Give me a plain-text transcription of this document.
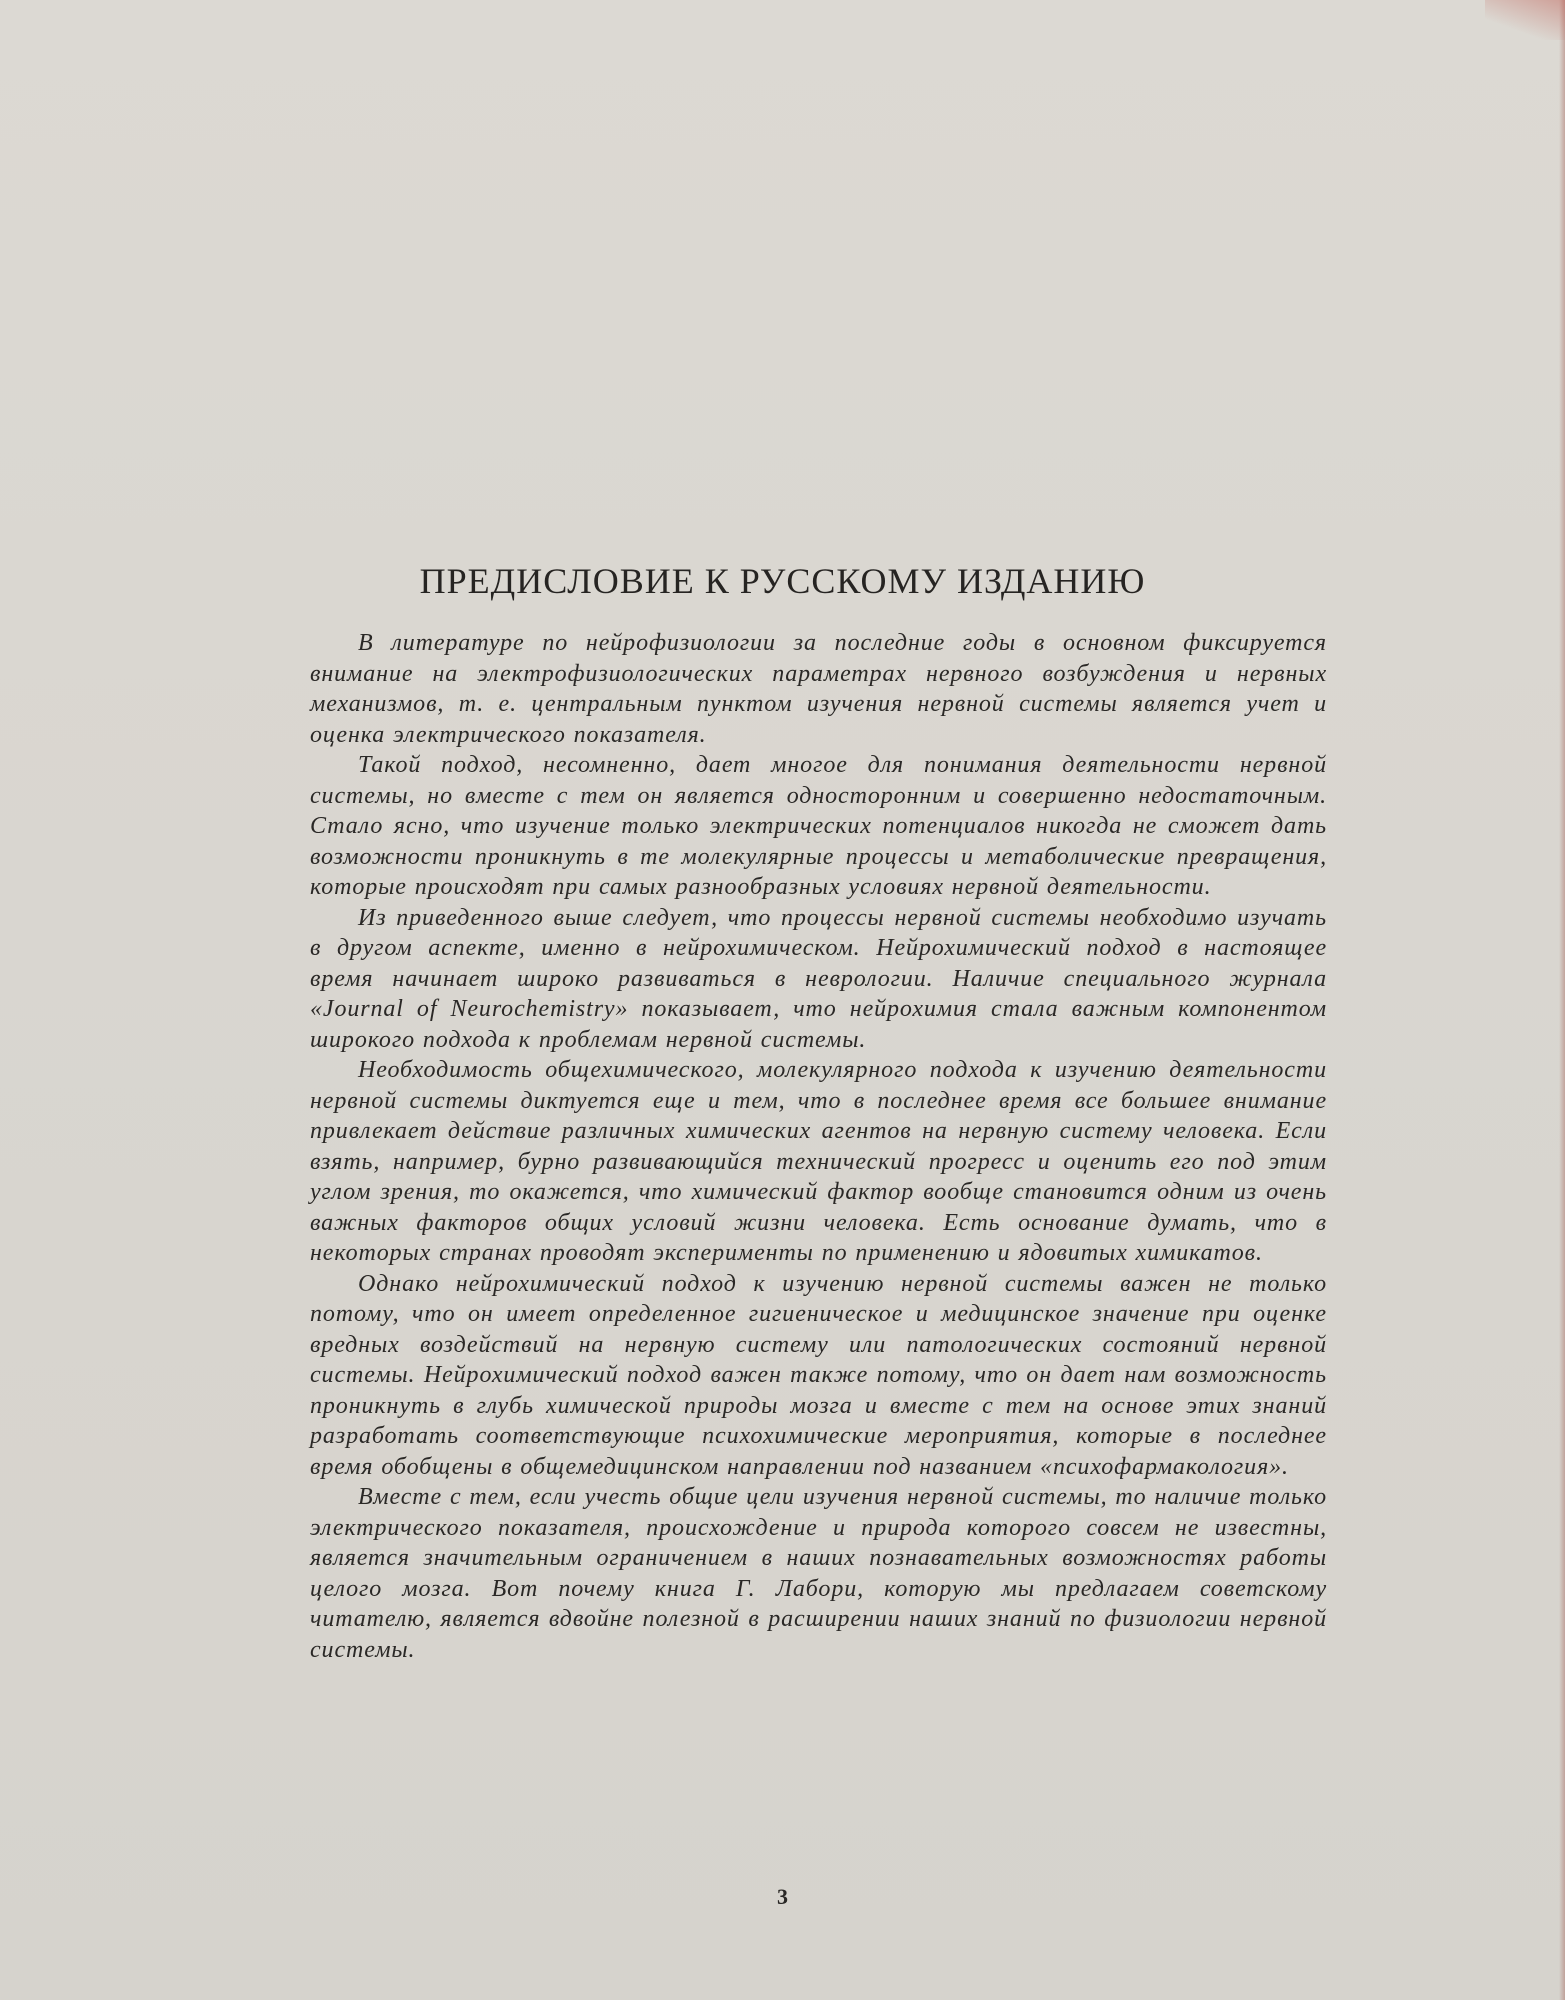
ПРЕДИСЛОВИЕ К РУССКОМУ ИЗДАНИЮ

В литературе по нейрофизиологии за последние годы в основном фиксируется внимание на электрофизиологических параметрах нервного возбуждения и нервных механизмов, т. е. центральным пунктом изучения нервной системы является учет и оценка электрического показателя.

Такой подход, несомненно, дает многое для понимания деятельности нервной системы, но вместе с тем он является односторонним и совершенно недостаточным. Стало ясно, что изучение только электрических потенциалов никогда не сможет дать возможности проникнуть в те молекулярные процессы и метаболические превращения, которые происходят при самых разнообразных условиях нервной деятельности.

Из приведенного выше следует, что процессы нервной системы необходимо изучать в другом аспекте, именно в нейрохимическом. Нейрохимический подход в настоящее время начинает широко развиваться в неврологии. Наличие специального журнала «Journal of Neurochemistry» показывает, что нейрохимия стала важным компонентом широкого подхода к проблемам нервной системы.

Необходимость общехимического, молекулярного подхода к изучению деятельности нервной системы диктуется еще и тем, что в последнее время все большее внимание привлекает действие различных химических агентов на нервную систему человека. Если взять, например, бурно развивающийся технический прогресс и оценить его под этим углом зрения, то окажется, что химический фактор вообще становится одним из очень важных факторов общих условий жизни человека. Есть основание думать, что в некоторых странах проводят эксперименты по применению и ядовитых химикатов.

Однако нейрохимический подход к изучению нервной системы важен не только потому, что он имеет определенное гигиеническое и медицинское значение при оценке вредных воздействий на нервную систему или патологических состояний нервной системы. Нейрохимический подход важен также потому, что он дает нам возможность проникнуть в глубь химической природы мозга и вместе с тем на основе этих знаний разработать соответствующие психохимические мероприятия, которые в последнее время обобщены в общемедицинском направлении под названием «психофармакология».

Вместе с тем, если учесть общие цели изучения нервной системы, то наличие только электрического показателя, происхождение и природа которого совсем не известны, является значительным ограничением в наших познавательных возможностях работы целого мозга. Вот почему книга Г. Лабори, которую мы предлагаем советскому читателю, является вдвойне полезной в расширении наших знаний по физиологии нервной системы.

3
